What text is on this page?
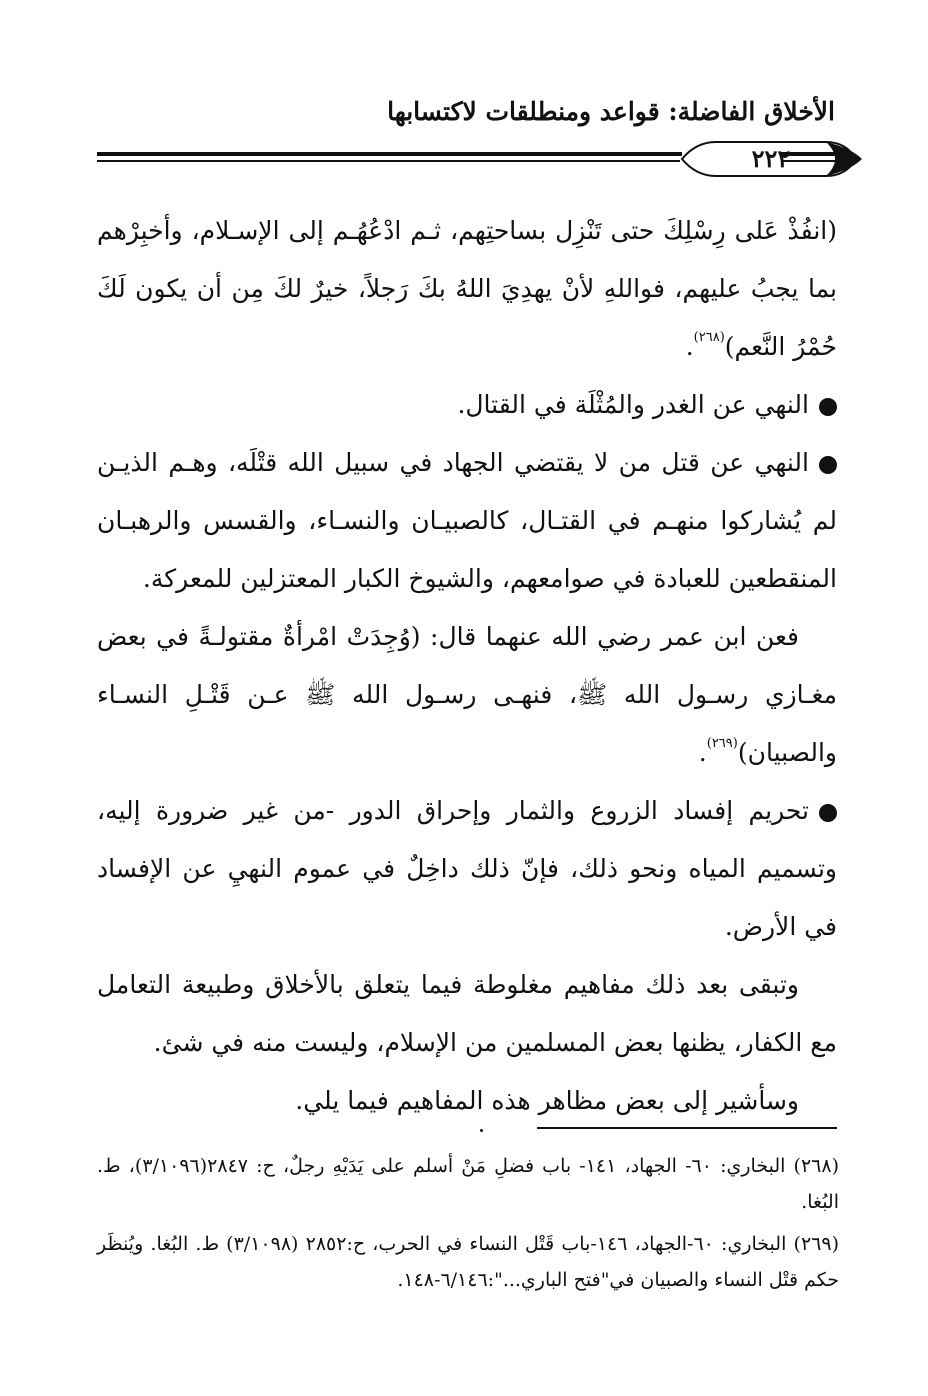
الأخلاق الفاضلة: قواعد ومنطلقات لاكتسابها
٢٢٢

(انفُذْ عَلى رِسْلِكَ حتى تَنْزِل بساحتِهم، ثـم ادْعُهُـم إلى الإسـلام، وأخبِرْهم بما يجبُ عليهم، فواللهِ لأنْ يهدِيَ اللهُ بكَ رَجلاً، خيرٌ لكَ مِن أن يكون لَكَ حُمْرُ النَّعم)$^{(٢٦٨)}$.

النهي عن الغدر والمُثْلَة في القتال.

النهي عن قتل من لا يقتضي الجهاد في سبيل الله قتْلَه، وهـم الذيـن لم يُشاركوا منهـم في القتـال، كالصبيـان والنسـاء، والقسس والرهبـان المنقطعين للعبادة في صوامعهم، والشيوخ الكبار المعتزلين للمعركة.

فعن ابن عمر رضي الله عنهما قال: (وُجِدَتْ امْرأةٌ مقتولـةً في بعض مغـازي رسـول الله ﷺ، فنهـى رسـول الله ﷺ عـن قَتْـلِ النسـاء والصبيان)$^{(٢٦٩)}$.

تحريم إفساد الزروع والثمار وإحراق الدور -من غير ضرورة إليه، وتسميم المياه ونحو ذلك، فإنّ ذلك داخِلٌ في عموم النهيِ عن الإفساد في الأرض.

وتبقى بعد ذلك مفاهيم مغلوطة فيما يتعلق بالأخلاق وطبيعة التعامل مع الكفار، يظنها بعض المسلمين من الإسلام، وليست منه في شئ.

وسأشير إلى بعض مظاهر هذه المفاهيم فيما يلي.

(٢٦٨) البخاري: ٦٠- الجهاد، ١٤١- باب فضلِ مَنْ أسلم على يَدَيْهِ رجلٌ، ح: ٢٨٤٧(٣/١٠٩٦)، ط. البُغا.

(٢٦٩) البخاري: ٦٠-الجهاد، ١٤٦-باب قَتْل النساء في الحرب، ح:٢٨٥٢ (٣/١٠٩٨) ط. البُغا. ويُنظَر حكم قتْل النساء والصبيان في"فتح الباري...":٦/١٤٦-١٤٨.
